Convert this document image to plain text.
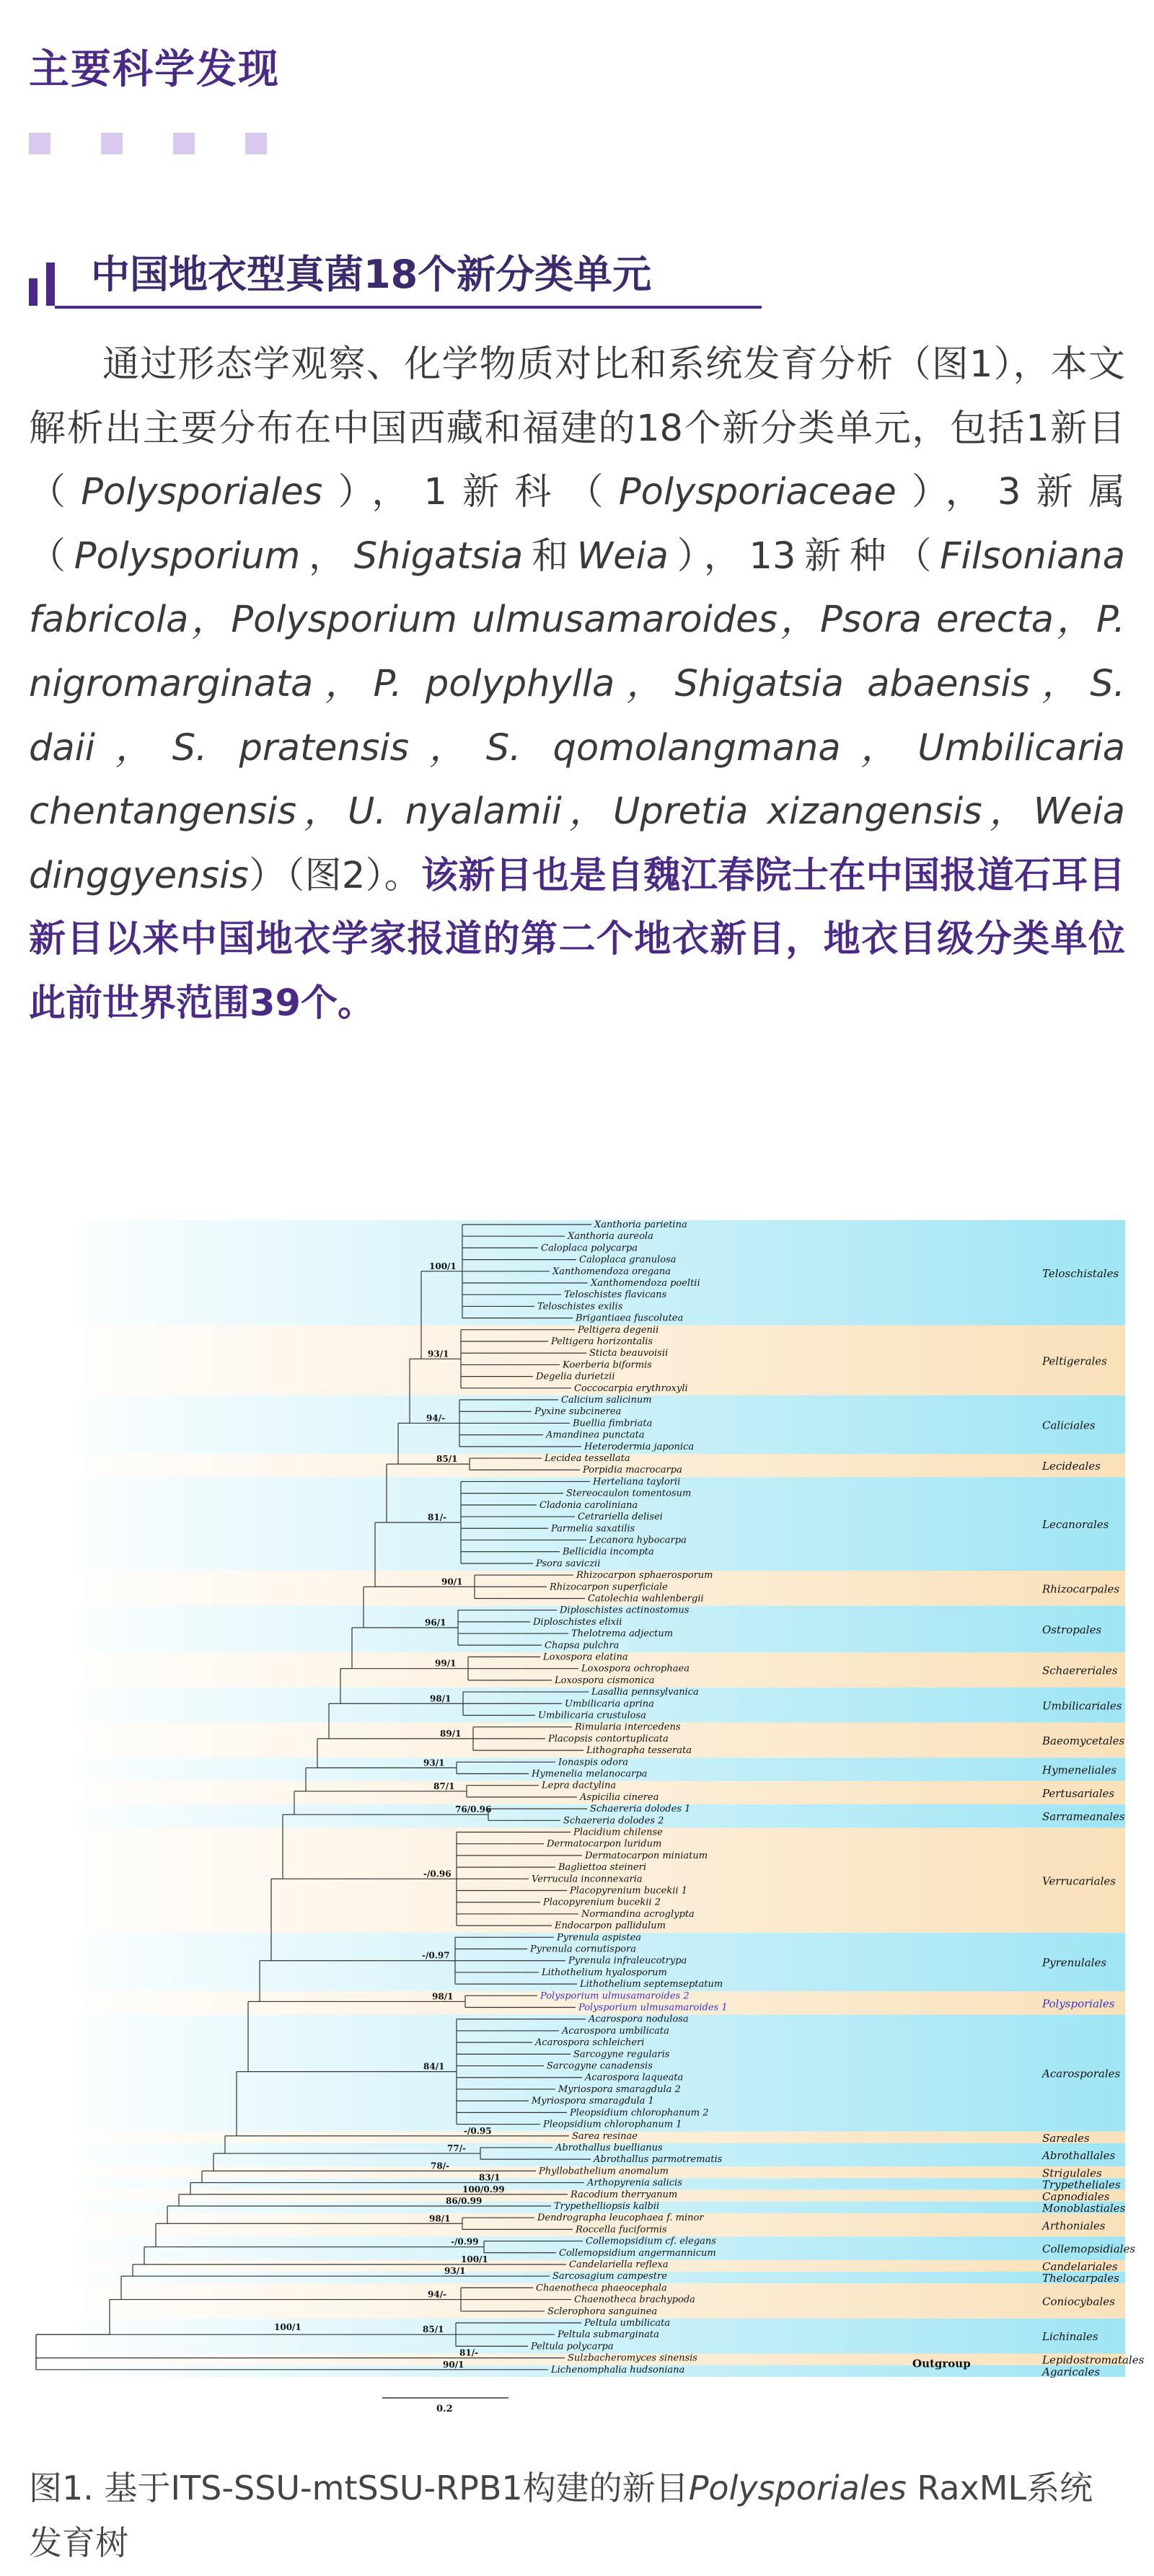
主要科学发现
中国地衣型真菌18个新分类单元

通过形态学观察、化学物质对比和系统发育分析（图1），本文解析出主要分布在中国西藏和福建的18个新分类单元，包括1新目（Polysporiales），1新科（Polysporiaceae），3新属（Polysporium，Shigatsia和Weia），13新种（Filsoniana fabricola，Polysporium ulmusamaroides，Psora erecta，P. nigromarginata，P. polyphylla，Shigatsia abaensis，S. daii，S. pratensis，S. qomolangmana，Umbilicaria chentangensis，U. nyalamii，Upretia xizangensis，Weia dinggyensis）（图2）。该新目也是自魏江春院士在中国报道石耳目新目以来中国地衣学家报道的第二个地衣新目，地衣目级分类单位此前世界范围39个。

Teloschistales
Xanthoria parietina
Xanthoria aureola
Caloplaca polycarpa
Caloplaca granulosa
Xanthomendoza oregana
Xanthomendoza poeltii
Teloschistes flavicans
Teloschistes exilis
Brigantiaea fuscolutea
100/1
Peltigerales
Peltigera degenii
Peltigera horizontalis
Sticta beauvoisii
Koerberia biformis
Degelia durietzii
Coccocarpia erythroxyli
93/1
Caliciales
Calicium salicinum
Pyxine subcinerea
Buellia fimbriata
Amandinea punctata
Heterodermia japonica
94/-
Lecideales
Lecidea tessellata
Porpidia macrocarpa
85/1
Lecanorales
Herteliana taylorii
Stereocaulon tomentosum
Cladonia caroliniana
Cetrariella delisei
Parmelia saxatilis
Lecanora hybocarpa
Bellicidia incompta
Psora saviczii
81/-
Rhizocarpales
Rhizocarpon sphaerosporum
Rhizocarpon superficiale
Catolechia wahlenbergii
90/1
Ostropales
Diploschistes actinostomus
Diploschistes elixii
Thelotrema adjectum
Chapsa pulchra
96/1
Schaereriales
Loxospora elatina
Loxospora ochrophaea
Loxospora cismonica
99/1
Umbilicariales
Lasallia pennsylvanica
Umbilicaria aprina
Umbilicaria crustulosa
98/1
Baeomycetales
Rimularia intercedens
Placopsis contortuplicata
Lithographa tesserata
89/1
Hymeneliales
Ionaspis odora
Hymenelia melanocarpa
93/1
Pertusariales
Lepra dactylina
Aspicilia cinerea
87/1
Sarrameanales
Schaereria dolodes 1
Schaereria dolodes 2
76/0.96
Verrucariales
Placidium chilense
Dermatocarpon luridum
Dermatocarpon miniatum
Bagliettoa steineri
Verrucula inconnexaria
Placopyrenium bucekii 1
Placopyrenium bucekii 2
Normandina acroglypta
Endocarpon pallidulum
-/0.96
Pyrenulales
Pyrenula aspistea
Pyrenula cornutispora
Pyrenula infraleucotrypa
Lithothelium hyalosporum
Lithothelium septemseptatum
-/0.97
Polysporiales
Polysporium ulmusamaroides 2
Polysporium ulmusamaroides 1
98/1
Acarosporales
Acarospora nodulosa
Acarospora umbilicata
Acarospora schleicheri
Sarcogyne regularis
Sarcogyne canadensis
Acarospora laqueata
Myriospora smaragdula 2
Myriospora smaragdula 1
Pleopsidium chlorophanum 2
Pleopsidium chlorophanum 1
84/1
Sareales
Sarea resinae
-/0.95
Abrothallales
Abrothallus buellianus
Abrothallus parmotrematis
77/-
Strigulales
Phyllobathelium anomalum
78/-
Trypetheliales
Arthopyrenia salicis
83/1
Capnodiales
Racodium therryanum
100/0.99
Monoblastiales
Trypethelliopsis kalbii
86/0.99
Arthoniales
Dendrographa leucophaea f. minor
Roccella fuciformis
98/1
Collemopsidiales
Collemopsidium cf. elegans
Collemopsidium angermannicum
-/0.99
Candelariales
Candelariella reflexa
100/1
Thelocarpales
Sarcosagium campestre
93/1
Coniocybales
Chaenotheca phaeocephala
Chaenotheca brachypoda
Sclerophora sanguinea
94/-
Lichinales
Peltula umbilicata
Peltula submarginata
Peltula polycarpa
85/1
Lepidostromatales
Sulzbacheromyces sinensis
81/-
Agaricales
Lichenomphalia hudsoniana
90/1
100/1
Outgroup
0.2
图1. 基于ITS-SSU-mtSSU-RPB1构建的新目Polysporiales RaxML系统发育树
